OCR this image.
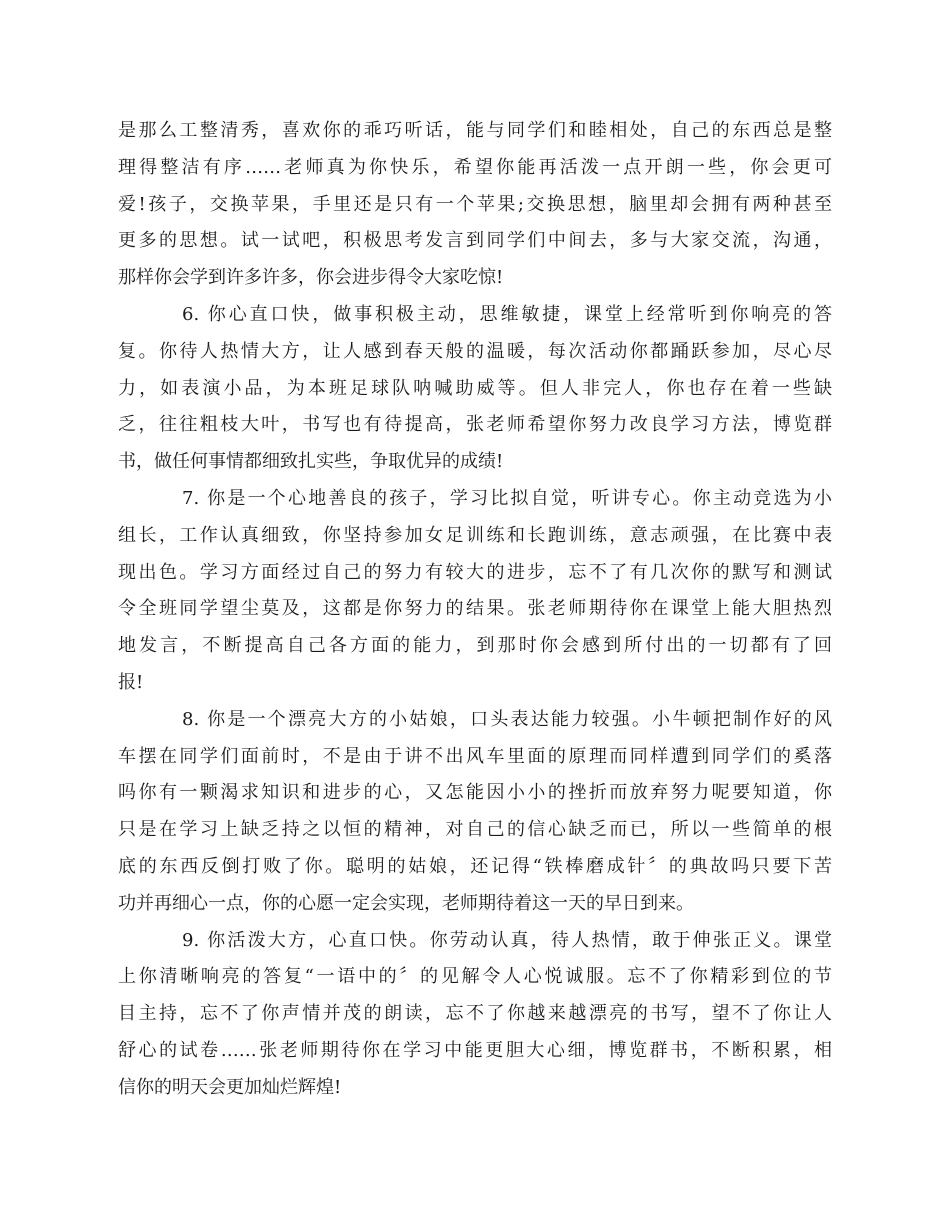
是那么工整清秀，喜欢你的乖巧听话，能与同学们和睦相处，自己的东西总是整
理得整洁有序……老师真为你快乐，希望你能再活泼一点开朗一些，你会更可
爱!孩子，交换苹果，手里还是只有一个苹果;交换思想，脑里却会拥有两种甚至
更多的思想。试一试吧，积极思考发言到同学们中间去，多与大家交流，沟通，
那样你会学到许多许多，你会进步得令大家吃惊!
6. 你心直口快，做事积极主动，思维敏捷，课堂上经常听到你响亮的答
复。你待人热情大方，让人感到春天般的温暖，每次活动你都踊跃参加，尽心尽
力，如表演小品，为本班足球队呐喊助威等。但人非完人，你也存在着一些缺
乏，往往粗枝大叶，书写也有待提高，张老师希望你努力改良学习方法，博览群
书，做任何事情都细致扎实些，争取优异的成绩!
7. 你是一个心地善良的孩子，学习比拟自觉，听讲专心。你主动竞选为小
组长，工作认真细致，你坚持参加女足训练和长跑训练，意志顽强，在比赛中表
现出色。学习方面经过自己的努力有较大的进步，忘不了有几次你的默写和测试
令全班同学望尘莫及，这都是你努力的结果。张老师期待你在课堂上能大胆热烈
地发言，不断提高自己各方面的能力，到那时你会感到所付出的一切都有了回
报!
8. 你是一个漂亮大方的小姑娘，口头表达能力较强。小牛顿把制作好的风
车摆在同学们面前时，不是由于讲不出风车里面的原理而同样遭到同学们的奚落
吗你有一颗渴求知识和进步的心，又怎能因小小的挫折而放弃努力呢要知道，你
只是在学习上缺乏持之以恒的精神，对自己的信心缺乏而已，所以一些简单的根
底的东西反倒打败了你。聪明的姑娘，还记得“铁棒磨成针〞的典故吗只要下苦
功并再细心一点，你的心愿一定会实现，老师期待着这一天的早日到来。
9. 你活泼大方，心直口快。你劳动认真，待人热情，敢于伸张正义。课堂
上你清晰响亮的答复“一语中的〞的见解令人心悦诚服。忘不了你精彩到位的节
目主持，忘不了你声情并茂的朗读，忘不了你越来越漂亮的书写，望不了你让人
舒心的试卷……张老师期待你在学习中能更胆大心细，博览群书，不断积累，相
信你的明天会更加灿烂辉煌!
